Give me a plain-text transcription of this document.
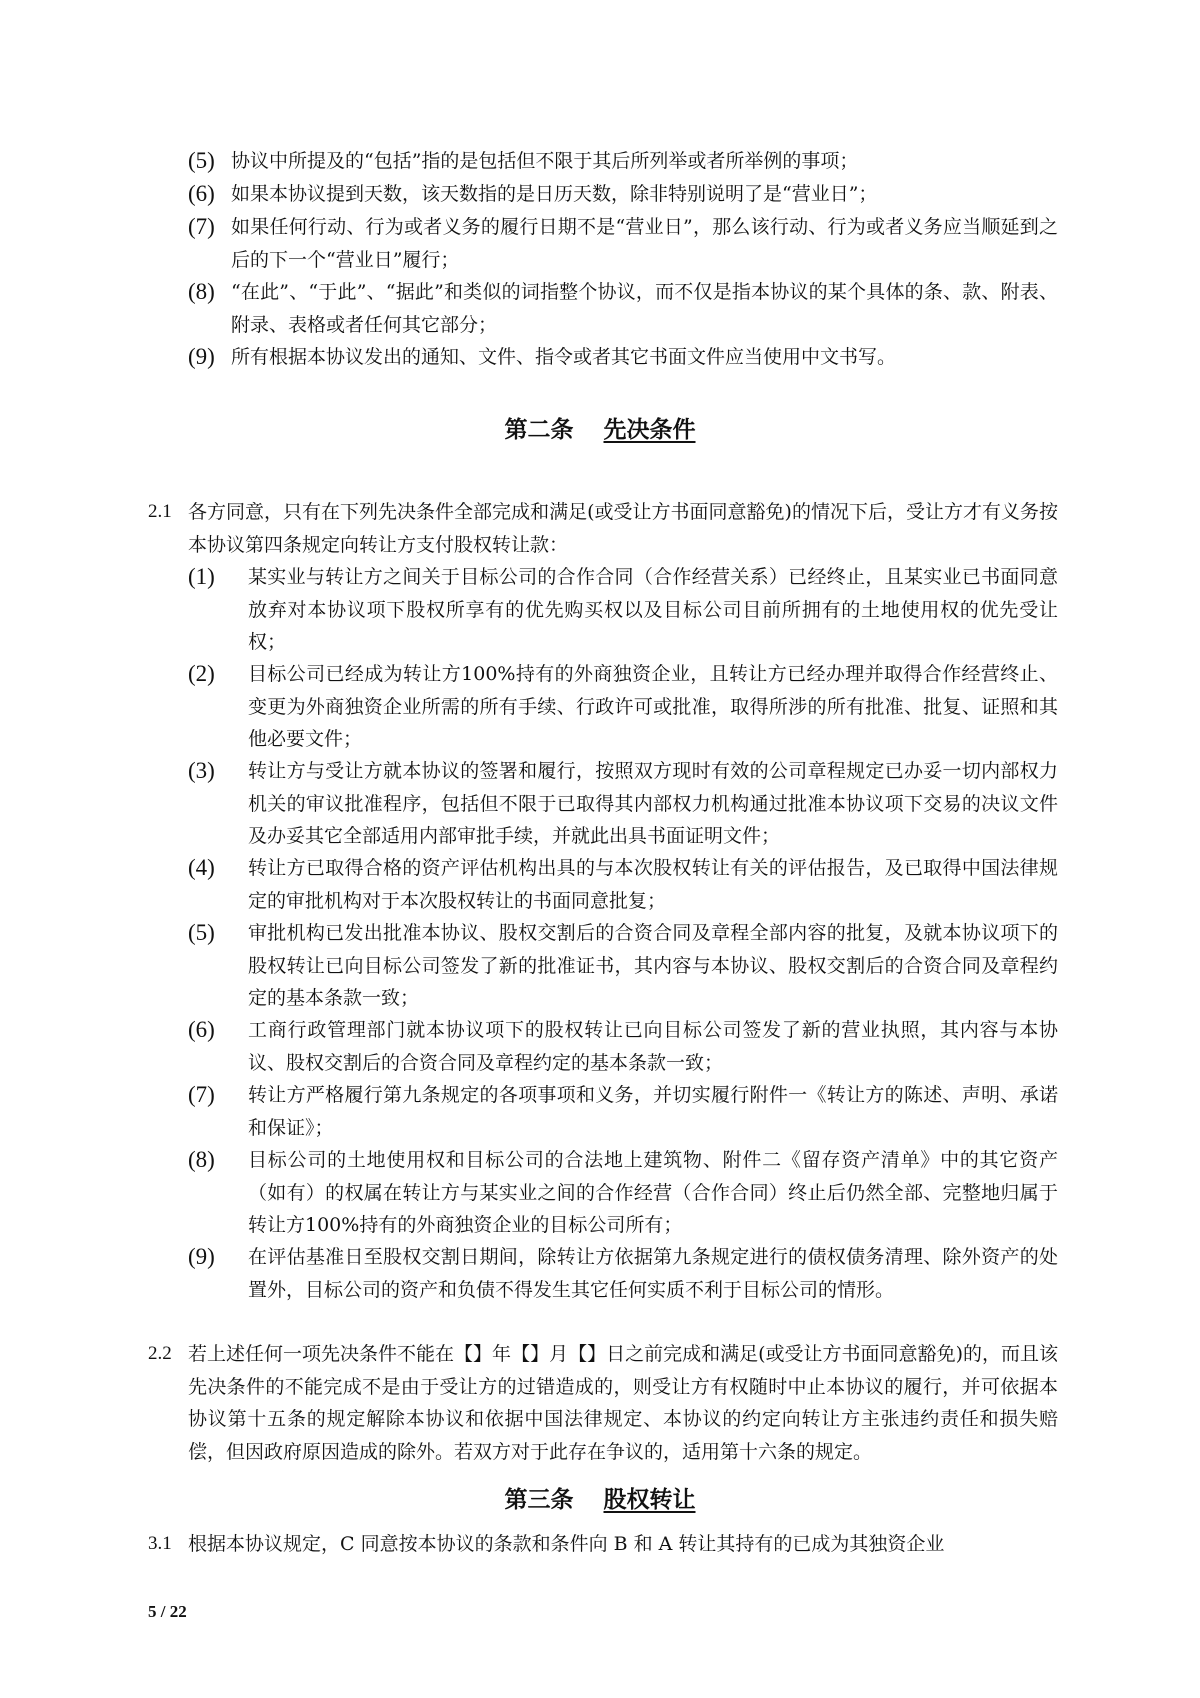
(5) 协议中所提及的“包括”指的是包括但不限于其后所列举或者所举例的事项；
(6) 如果本协议提到天数，该天数指的是日历天数，除非特别说明了是“营业日”；
(7) 如果任何行动、行为或者义务的履行日期不是“营业日”，那么该行动、行为或者义务应当顺延到之后的下一个“营业日”履行；
(8) “在此”、“于此”、“据此”和类似的词指整个协议，而不仅是指本协议的某个具体的条、款、附表、附录、表格或者任何其它部分；
(9) 所有根据本协议发出的通知、文件、指令或者其它书面文件应当使用中文书写。
第二条 先决条件
2.1 各方同意，只有在下列先决条件全部完成和满足(或受让方书面同意豁免)的情况下后，受让方才有义务按本协议第四条规定向转让方支付股权转让款：
(1)	某实业与转让方之间关于目标公司的合作合同（合作经营关系）已经终止，且某实业已书面同意放弃对本协议项下股权所享有的优先购买权以及目标公司目前所拥有的土地使用权的优先受让权；
(2)	目标公司已经成为转让方100%持有的外商独资企业，且转让方已经办理并取得合作经营终止、变更为外商独资企业所需的所有手续、行政许可或批准，取得所涉的所有批准、批复、证照和其他必要文件；
(3)	转让方与受让方就本协议的签署和履行，按照双方现时有效的公司章程规定已办妥一切内部权力机关的审议批准程序，包括但不限于已取得其内部权力机构通过批准本协议项下交易的决议文件及办妥其它全部适用内部审批手续，并就此出具书面证明文件；
(4)	转让方已取得合格的资产评估机构出具的与本次股权转让有关的评估报告，及已取得中国法律规定的审批机构对于本次股权转让的书面同意批复；
(5)	审批机构已发出批准本协议、股权交割后的合资合同及章程全部内容的批复，及就本协议项下的股权转让已向目标公司签发了新的批准证书，其内容与本协议、股权交割后的合资合同及章程约定的基本条款一致；
(6)	工商行政管理部门就本协议项下的股权转让已向目标公司签发了新的营业执照，其内容与本协议、股权交割后的合资合同及章程约定的基本条款一致；
(7)	转让方严格履行第九条规定的各项事项和义务，并切实履行附件一《转让方的陈述、声明、承诺和保证》；
(8)	目标公司的土地使用权和目标公司的合法地上建筑物、附件二《留存资产清单》中的其它资产（如有）的权属在转让方与某实业之间的合作经营（合作合同）终止后仍然全部、完整地归属于转让方100%持有的外商独资企业的目标公司所有；
(9)	在评估基准日至股权交割日期间，除转让方依据第九条规定进行的债权债务清理、除外资产的处置外，目标公司的资产和负债不得发生其它任何实质不利于目标公司的情形。
2.2 若上述任何一项先决条件不能在【】年【】月【】日之前完成和满足(或受让方书面同意豁免)的，而且该先决条件的不能完成不是由于受让方的过错造成的，则受让方有权随时中止本协议的履行，并可依据本协议第十五条的规定解除本协议和依据中国法律规定、本协议的约定向转让方主张违约责任和损失赔偿，但因政府原因造成的除外。若双方对于此存在争议的，适用第十六条的规定。
第三条 股权转让
3.1 根据本协议规定，C 同意按本协议的条款和条件向 B 和 A 转让其持有的已成为其独资企业
5 / 22
